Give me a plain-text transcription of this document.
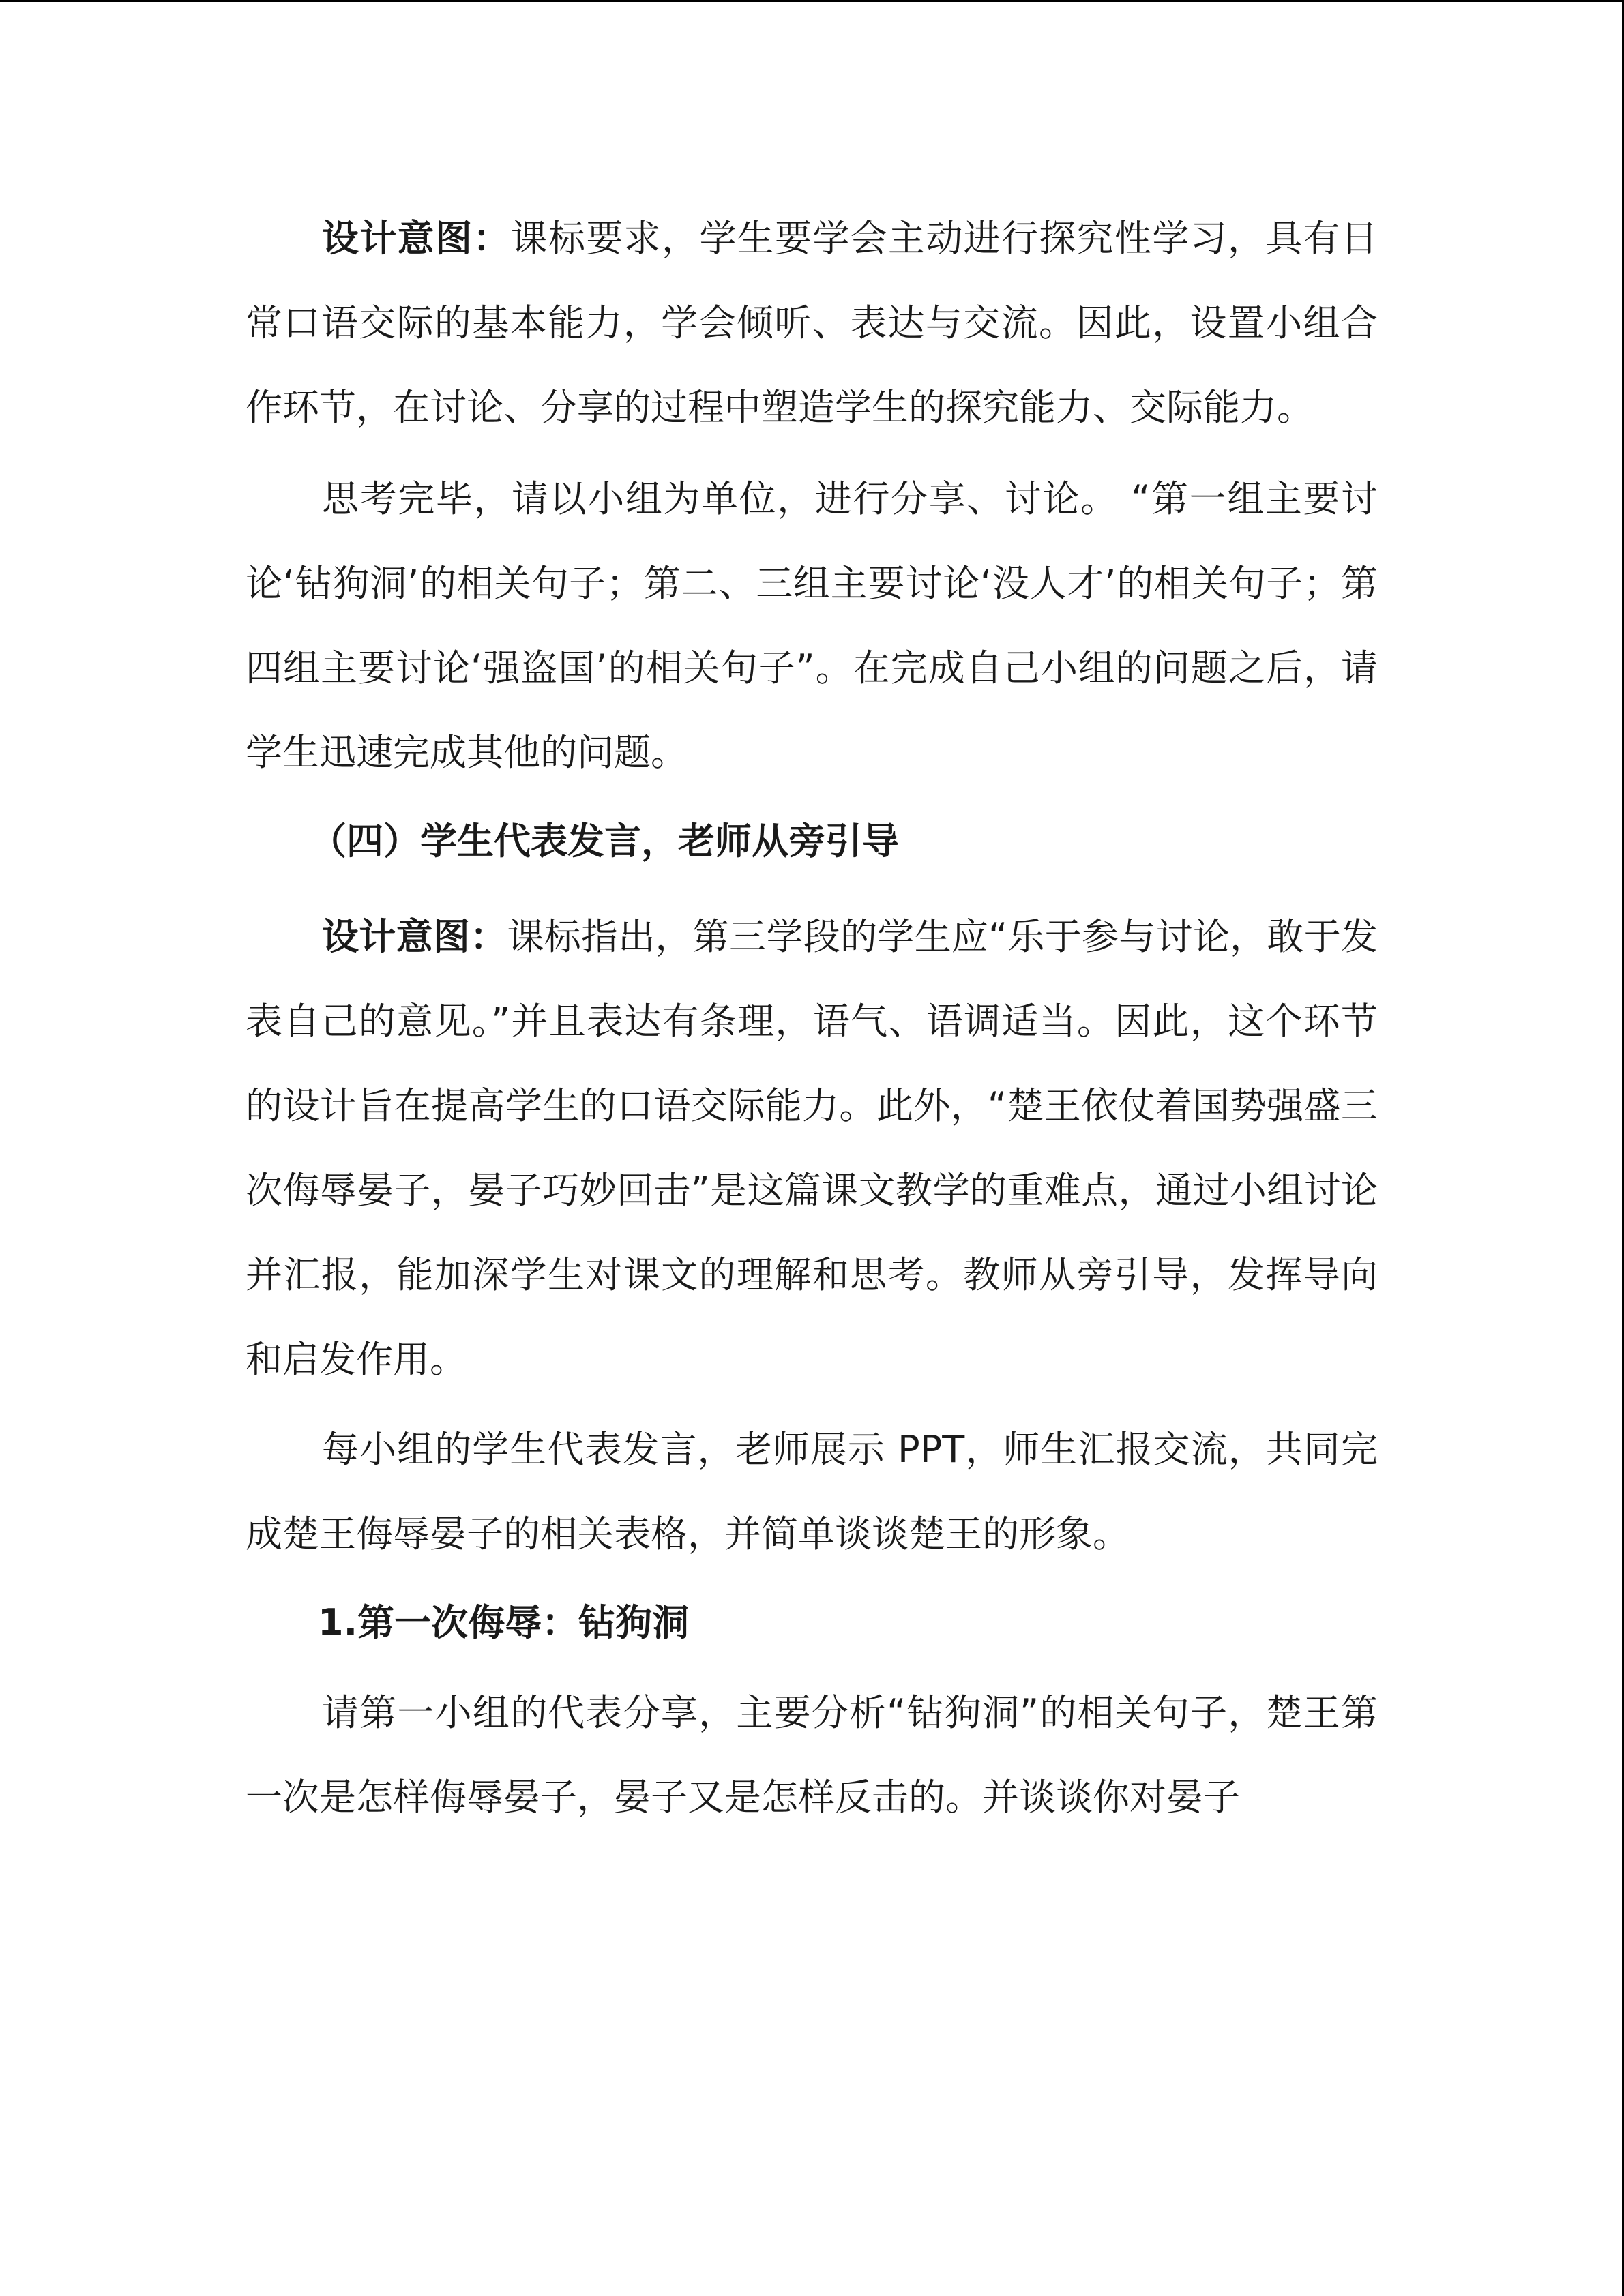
设计意图：课标要求，学生要学会主动进行探究性学习，具有日常口语交际的基本能力，学会倾听、表达与交流。因此，设置小组合作环节，在讨论、分享的过程中塑造学生的探究能力、交际能力。

思考完毕，请以小组为单位，进行分享、讨论。 “第一组主要讨论‘钻狗洞’的相关句子；第二、三组主要讨论‘没人才’的相关句子；第四组主要讨论‘强盗国’的相关句子”。在完成自己小组的问题之后，请学生迅速完成其他的问题。

（四）学生代表发言，老师从旁引导

设计意图：课标指出，第三学段的学生应“乐于参与讨论，敢于发表自己的意见。”并且表达有条理，语气、语调适当。因此，这个环节的设计旨在提高学生的口语交际能力。此外，“楚王依仗着国势强盛三次侮辱晏子，晏子巧妙回击”是这篇课文教学的重难点，通过小组讨论并汇报，能加深学生对课文的理解和思考。教师从旁引导，发挥导向和启发作用。

每小组的学生代表发言，老师展示 PPT，师生汇报交流，共同完成楚王侮辱晏子的相关表格，并简单谈谈楚王的形象。

1.第一次侮辱：钻狗洞

请第一小组的代表分享，主要分析“钻狗洞”的相关句子，楚王第一次是怎样侮辱晏子，晏子又是怎样反击的。并谈谈你对晏子
